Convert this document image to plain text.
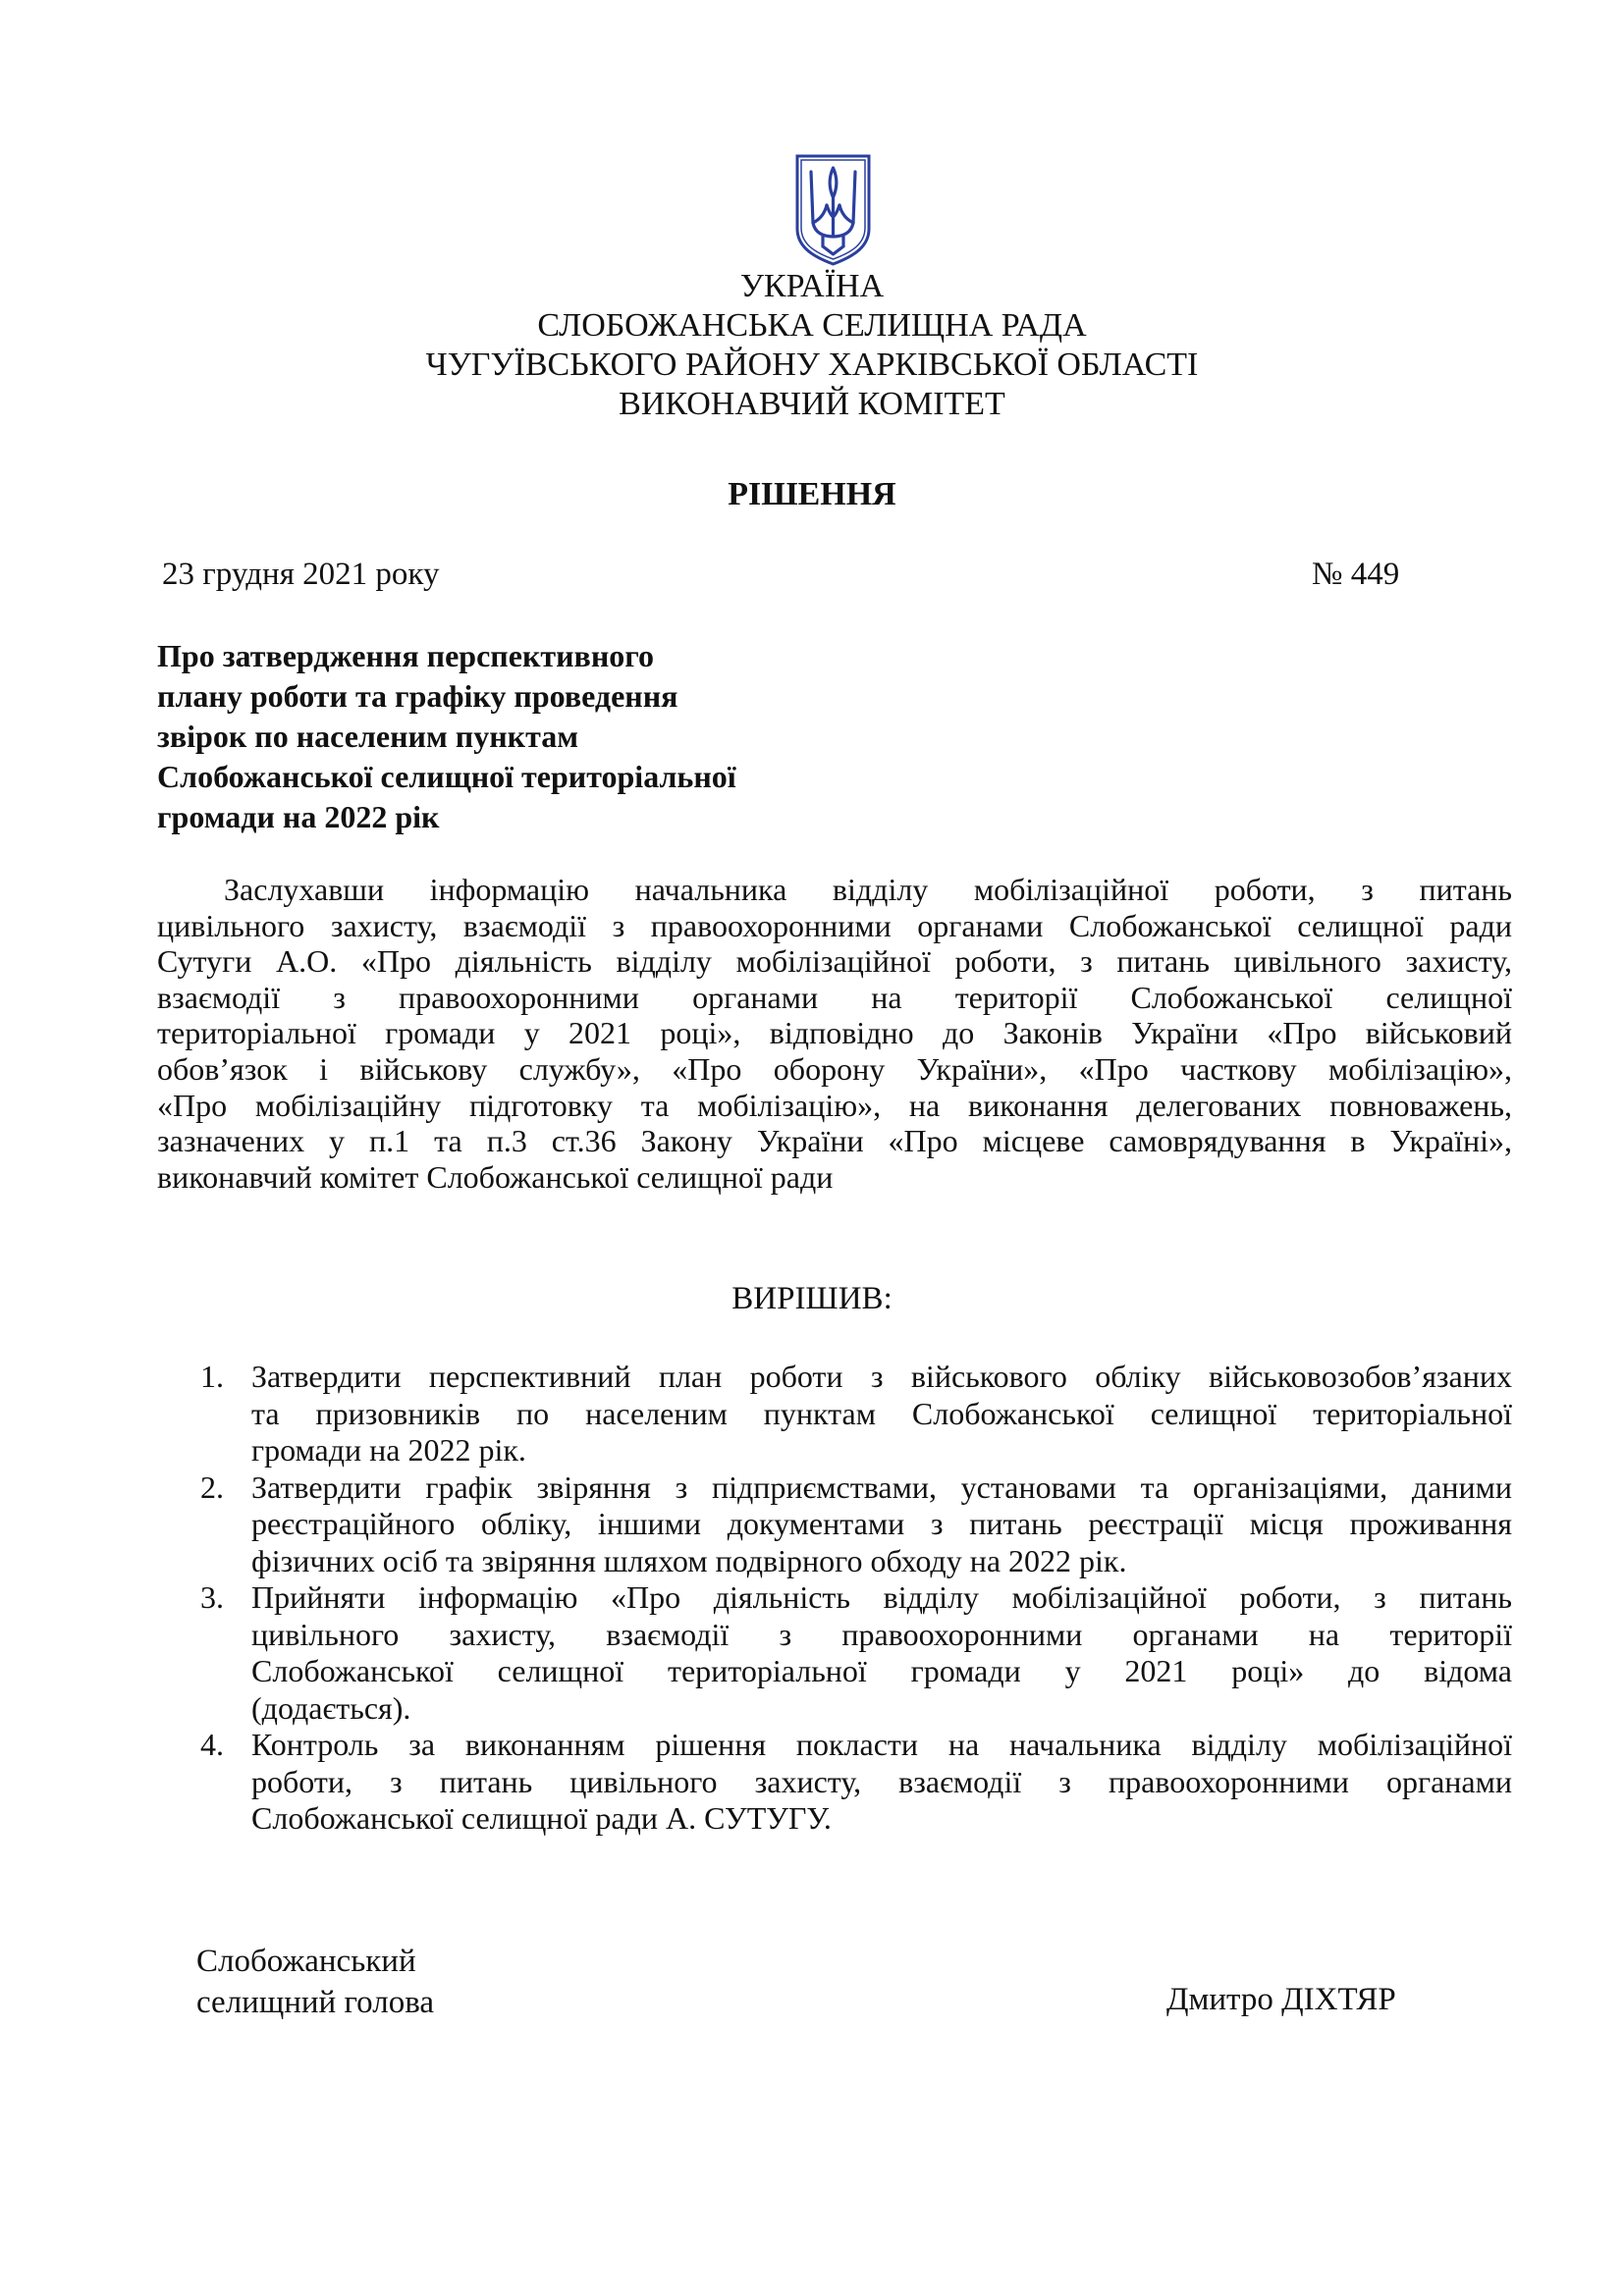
УКРАЇНА
СЛОБОЖАНСЬКА СЕЛИЩНА РАДА
ЧУГУЇВСЬКОГО РАЙОНУ ХАРКІВСЬКОЇ ОБЛАСТІ
ВИКОНАВЧИЙ КОМІТЕТ
РІШЕННЯ
23 грудня 2021 року	№ 449
Про затвердження перспективного
плану роботи та графіку проведення
звірок по населеним пунктам
Слобожанської селищної територіальної
громади на 2022 рік
Заслухавши інформацію начальника відділу мобілізаційної роботи, з питань
цивільного захисту, взаємодії з правоохоронними органами Слобожанської селищної ради
Сутуги А.О. «Про діяльність відділу мобілізаційної роботи, з питань цивільного захисту,
взаємодії з правоохоронними органами на території Слобожанської селищної
територіальної громади у 2021 році», відповідно до Законів України «Про військовий
обов’язок і військову службу», «Про оборону України», «Про часткову мобілізацію»,
«Про мобілізаційну підготовку та мобілізацію», на виконання делегованих повноважень,
зазначених у п.1 та п.3 ст.36 Закону України «Про місцеве самоврядування в Україні»,
виконавчий комітет Слобожанської селищної ради
ВИРІШИВ:
1. Затвердити перспективний план роботи з військового обліку військовозобов’язаних
та призовників по населеним пунктам Слобожанської селищної територіальної
громади на 2022 рік.
2. Затвердити графік звіряння з підприємствами, установами та організаціями, даними
реєстраційного обліку, іншими документами з питань реєстрації місця проживання
фізичних осіб та звіряння шляхом подвірного обходу на 2022 рік.
3. Прийняти інформацію «Про діяльність відділу мобілізаційної роботи, з питань
цивільного захисту, взаємодії з правоохоронними органами на території
Слобожанської селищної територіальної громади у 2021 році» до відома
(додається).
4. Контроль за виконанням рішення покласти на начальника відділу мобілізаційної
роботи, з питань цивільного захисту, взаємодії з правоохоронними органами
Слобожанської селищної ради А. СУТУГУ.
Слобожанський
селищний голова	Дмитро ДІХТЯР
